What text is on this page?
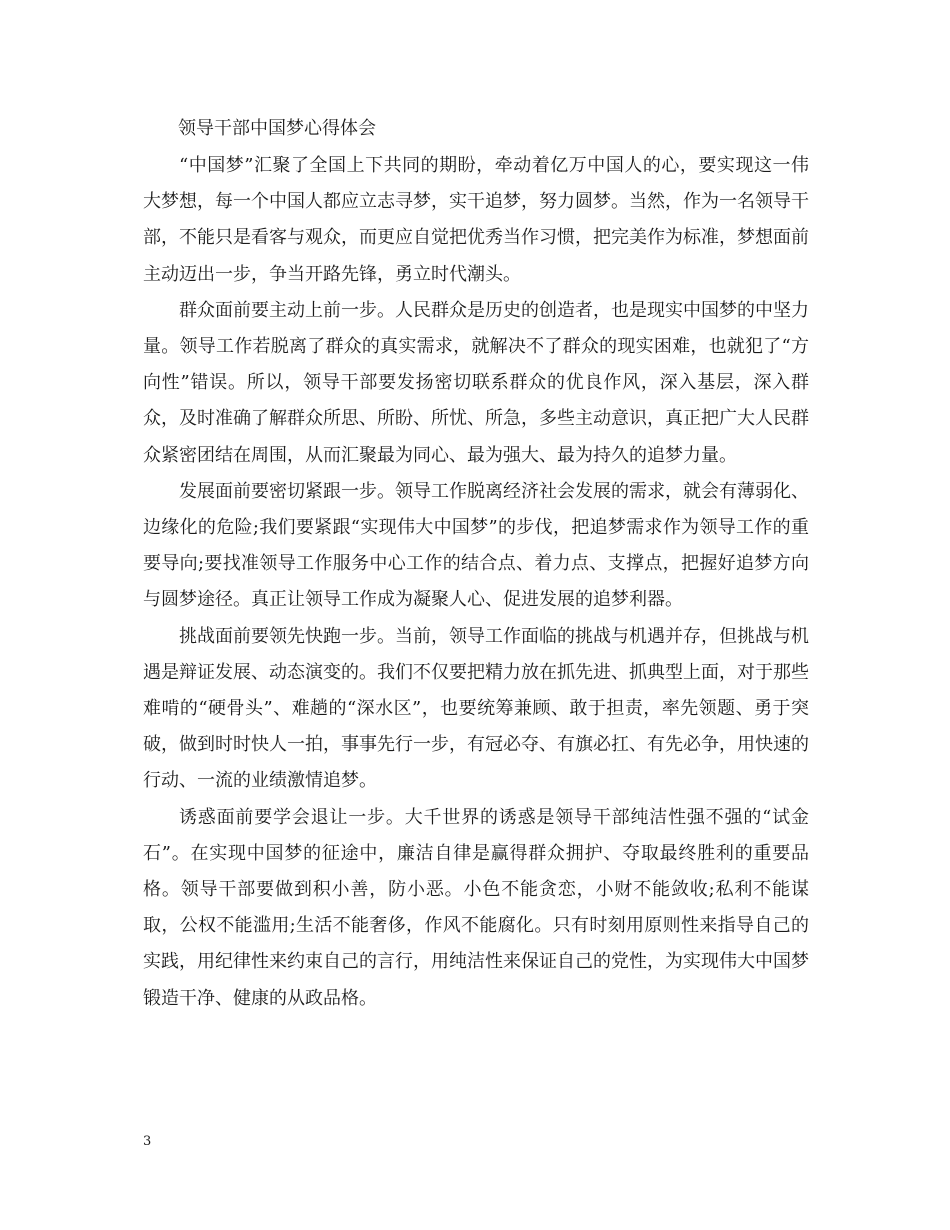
领导干部中国梦心得体会

“中国梦”汇聚了全国上下共同的期盼，牵动着亿万中国人的心，要实现这一伟大梦想，每一个中国人都应立志寻梦，实干追梦，努力圆梦。当然，作为一名领导干部，不能只是看客与观众，而更应自觉把优秀当作习惯，把完美作为标准，梦想面前主动迈出一步，争当开路先锋，勇立时代潮头。

群众面前要主动上前一步。人民群众是历史的创造者，也是现实中国梦的中坚力量。领导工作若脱离了群众的真实需求，就解决不了群众的现实困难，也就犯了“方向性”错误。所以，领导干部要发扬密切联系群众的优良作风，深入基层，深入群众，及时准确了解群众所思、所盼、所忧、所急，多些主动意识，真正把广大人民群众紧密团结在周围，从而汇聚最为同心、最为强大、最为持久的追梦力量。

发展面前要密切紧跟一步。领导工作脱离经济社会发展的需求，就会有薄弱化、边缘化的危险;我们要紧跟“实现伟大中国梦”的步伐，把追梦需求作为领导工作的重要导向;要找准领导工作服务中心工作的结合点、着力点、支撑点，把握好追梦方向与圆梦途径。真正让领导工作成为凝聚人心、促进发展的追梦利器。

挑战面前要领先快跑一步。当前，领导工作面临的挑战与机遇并存，但挑战与机遇是辩证发展、动态演变的。我们不仅要把精力放在抓先进、抓典型上面，对于那些难啃的“硬骨头”、难趟的“深水区”，也要统筹兼顾、敢于担责，率先领题、勇于突破，做到时时快人一拍，事事先行一步，有冠必夺、有旗必扛、有先必争，用快速的行动、一流的业绩激情追梦。

诱惑面前要学会退让一步。大千世界的诱惑是领导干部纯洁性强不强的“试金石”。在实现中国梦的征途中，廉洁自律是赢得群众拥护、夺取最终胜利的重要品格。领导干部要做到积小善，防小恶。小色不能贪恋，小财不能敛收;私利不能谋取，公权不能滥用;生活不能奢侈，作风不能腐化。只有时刻用原则性来指导自己的实践，用纪律性来约束自己的言行，用纯洁性来保证自己的党性，为实现伟大中国梦锻造干净、健康的从政品格。

3
